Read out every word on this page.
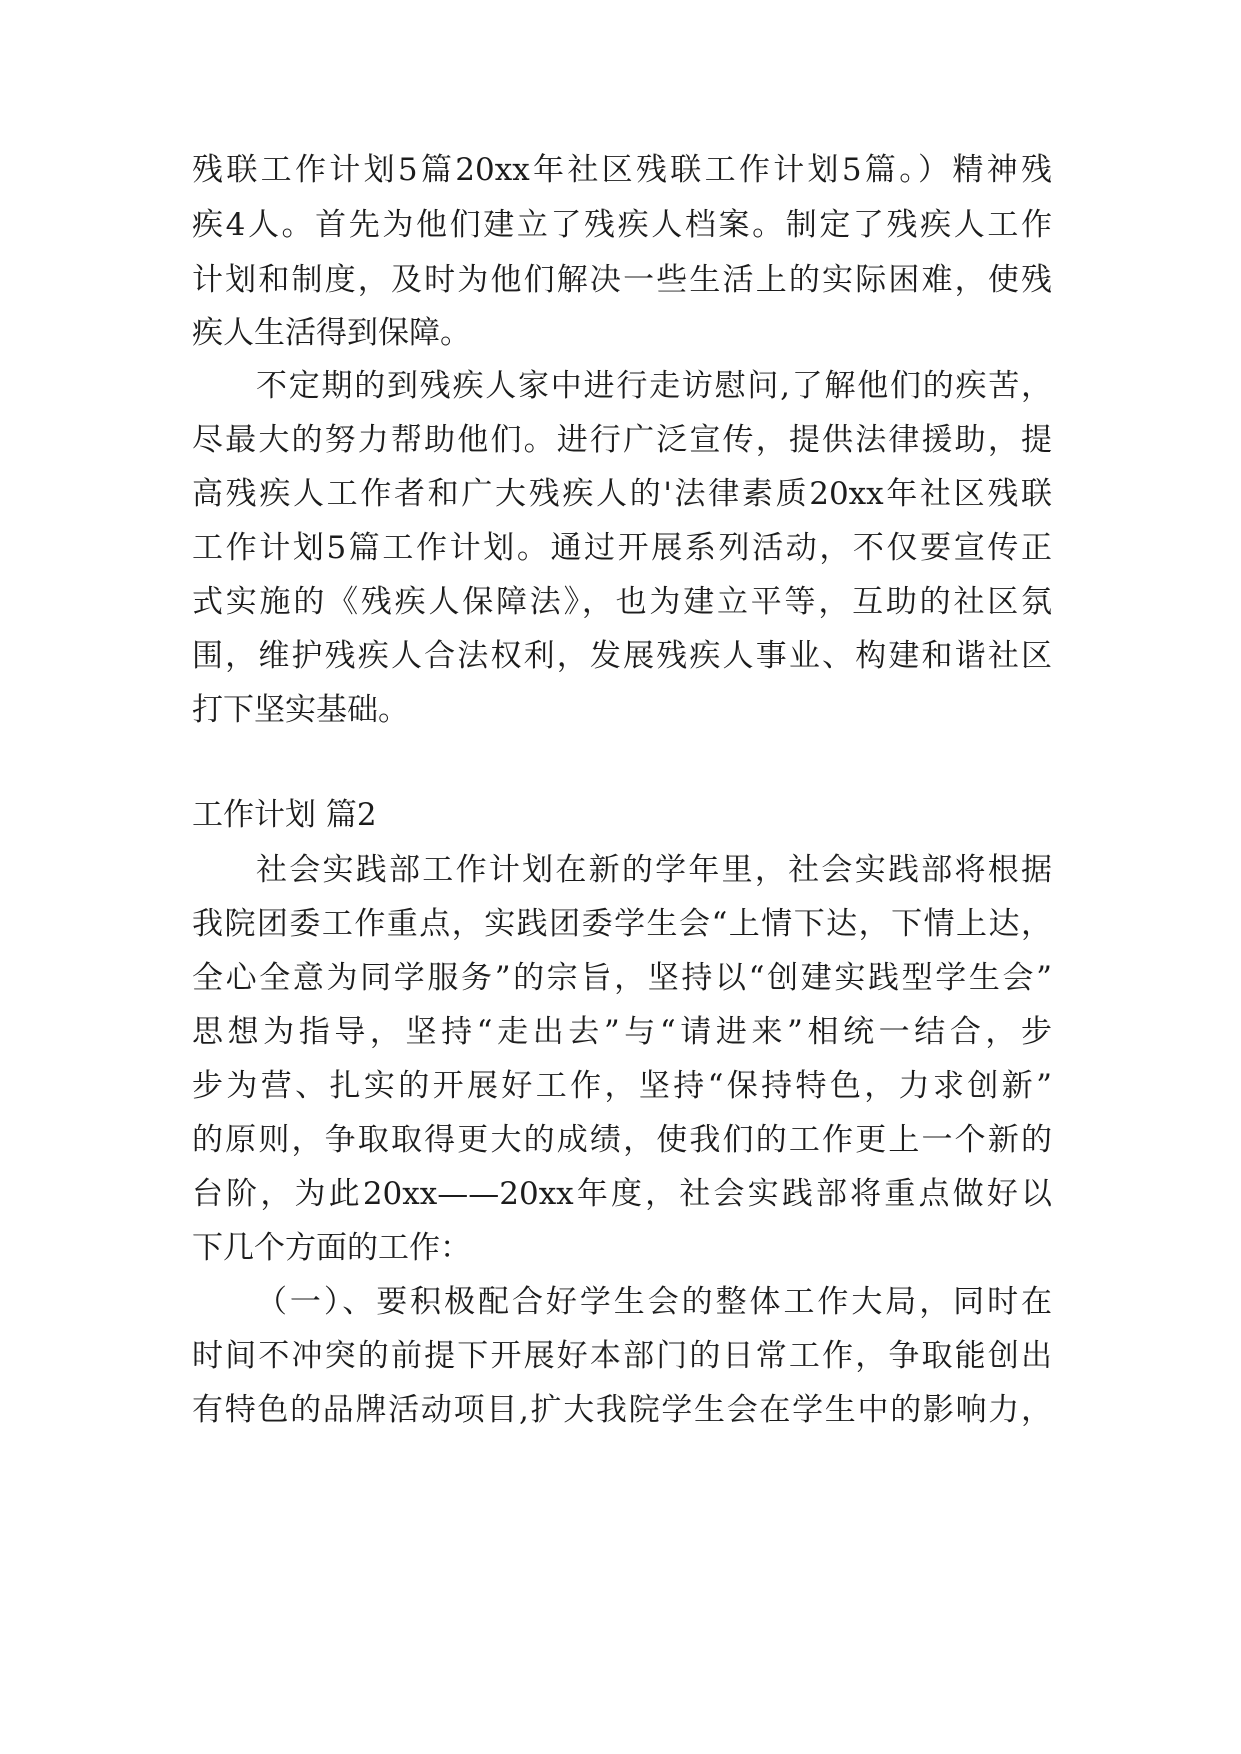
残联工作计划5篇20xx年社区残联工作计划5篇。）精神残
疾4人。首先为他们建立了残疾人档案。制定了残疾人工作
计划和制度，及时为他们解决一些生活上的实际困难，使残
疾人生活得到保障。
不定期的到残疾人家中进行走访慰问,了解他们的疾苦，
尽最大的努力帮助他们。进行广泛宣传，提供法律援助，提
高残疾人工作者和广大残疾人的'法律素质20xx年社区残联
工作计划5篇工作计划。通过开展系列活动，不仅要宣传正
式实施的《残疾人保障法》，也为建立平等，互助的社区氛
围，维护残疾人合法权利，发展残疾人事业、构建和谐社区
打下坚实基础。
工作计划 篇2
社会实践部工作计划在新的学年里，社会实践部将根据
我院团委工作重点，实践团委学生会“上情下达，下情上达，
全心全意为同学服务”的宗旨，坚持以“创建实践型学生会”
思想为指导，坚持“走出去”与“请进来”相统一结合，步
步为营、扎实的开展好工作，坚持“保持特色，力求创新”
的原则，争取取得更大的成绩，使我们的工作更上一个新的
台阶，为此20xx——20xx年度，社会实践部将重点做好以
下几个方面的工作：
（一）、要积极配合好学生会的整体工作大局，同时在
时间不冲突的前提下开展好本部门的日常工作，争取能创出
有特色的品牌活动项目,扩大我院学生会在学生中的影响力，
